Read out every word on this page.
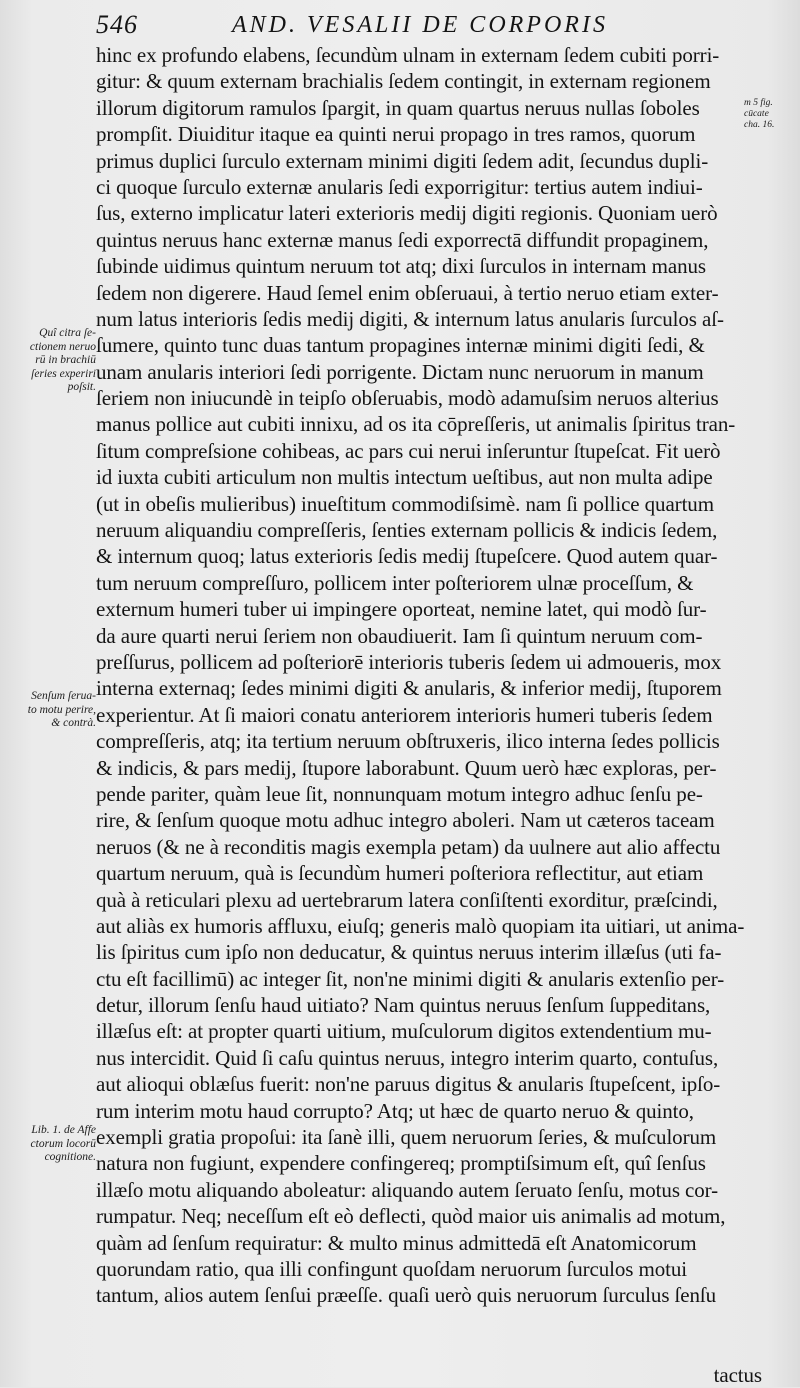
546	AND. VESALII DE CORPORIS
hinc ex profundo elabens, ſecundùm ulnam in externam ſedem cubiti porri-
gitur: & quum externam brachialis ſedem contingit, in externam regionem
illorum digitorum ramulos ſpargit, in quam quartus neruus nullas ſoboles
prompſit. Diuiditur itaque ea quinti nerui propago in tres ramos, quorum
primus duplici ſurculo externam minimi digiti ſedem adit, ſecundus dupli-
ci quoque ſurculo externæ anularis ſedi exporrigitur: tertius autem indiui-
ſus, externo implicatur lateri exterioris medij digiti regionis. Quoniam uerò
quintus neruus hanc externæ manus ſedi exporrectā diffundit propaginem,
ſubinde uidimus quintum neruum tot atq; dixi ſurculos in internam manus
ſedem non digerere. Haud ſemel enim obſeruaui, à tertio neruo etiam exter-
num latus interioris ſedis medij digiti, & internum latus anularis ſurculos aſ-
ſumere, quinto tunc duas tantum propagines internæ minimi digiti ſedi, &
unam anularis interiori ſedi porrigente. Dictam nunc neruorum in manum
ſeriem non iniucundè in teipſo obſeruabis, modò adamuſsim neruos alterius
manus pollice aut cubiti innixu, ad os ita cōpreſſeris, ut animalis ſpiritus tran-
ſitum compreſsione cohibeas, ac pars cui nerui inſeruntur ſtupeſcat. Fit uerò
id iuxta cubiti articulum non multis intectum ueſtibus, aut non multa adipe
(ut in obeſis mulieribus) inueſtitum commodiſsimè. nam ſi pollice quartum
neruum aliquandiu compreſſeris, ſenties externam pollicis & indicis ſedem,
& internum quoq; latus exterioris ſedis medij ſtupeſcere. Quod autem quar-
tum neruum compreſſuro, pollicem inter poſteriorem ulnæ proceſſum, &
externum humeri tuber ui impingere oporteat, nemine latet, qui modò ſur-
da aure quarti nerui ſeriem non obaudiuerit. Iam ſi quintum neruum com-
preſſurus, pollicem ad poſteriorē interioris tuberis ſedem ui admoueris, mox
interna externaq; ſedes minimi digiti & anularis, & inferior medij, ſtuporem
experientur. At ſi maiori conatu anteriorem interioris humeri tuberis ſedem
compreſſeris, atq; ita tertium neruum obſtruxeris, ilico interna ſedes pollicis
& indicis, & pars medij, ſtupore laborabunt. Quum uerò hæc exploras, per-
pende pariter, quàm leue ſit, nonnunquam motum integro adhuc ſenſu pe-
rire, & ſenſum quoque motu adhuc integro aboleri. Nam ut cæteros taceam
neruos (& ne à reconditis magis exempla petam) da uulnere aut alio affectu
quartum neruum, quà is ſecundùm humeri poſteriora reflectitur, aut etiam
quà à reticulari plexu ad uertebrarum latera conſiſtenti exorditur, præſcindi,
aut aliàs ex humoris affluxu, eiuſq; generis malò quopiam ita uitiari, ut anima-
lis ſpiritus cum ipſo non deducatur, & quintus neruus interim illæſus (uti fa-
ctu eſt facillimū) ac integer ſit, non'ne minimi digiti & anularis extenſio per-
detur, illorum ſenſu haud uitiato? Nam quintus neruus ſenſum ſuppeditans,
illæſus eſt: at propter quarti uitium, muſculorum digitos extendentium mu-
nus intercidit. Quid ſi caſu quintus neruus, integro interim quarto, contuſus,
aut alioqui oblæſus fuerit: non'ne paruus digitus & anularis ſtupeſcent, ipſo-
rum interim motu haud corrupto? Atq; ut hæc de quarto neruo & quinto,
exempli gratia propoſui: ita ſanè illi, quem neruorum ſeries, & muſculorum
natura non fugiunt, expendere confingereq; promptiſsimum eſt, quî ſenſus
illæſo motu aliquando aboleatur: aliquando autem ſeruato ſenſu, motus cor-
rumpatur. Neq; neceſſum eſt eò deflecti, quòd maior uis animalis ad motum,
quàm ad ſenſum requiratur: & multo minus admittedā eſt Anatomicorum
quorundam ratio, qua illi confingunt quoſdam neruorum ſurculos motui
tantum, alios autem ſenſui præeſſe. quaſi uerò quis neruorum ſurculus ſenſu
tactus
m 5 fig.
cūcate
cha. 16.
Quî citra ſe-
ctionem neruo
rū in brachiū
ſeries experiri
poſsit.
Senſum ſerua-
to motu perire,
& contrà.
Lib. 1. de Affe
ctorum locorū
cognitione.
